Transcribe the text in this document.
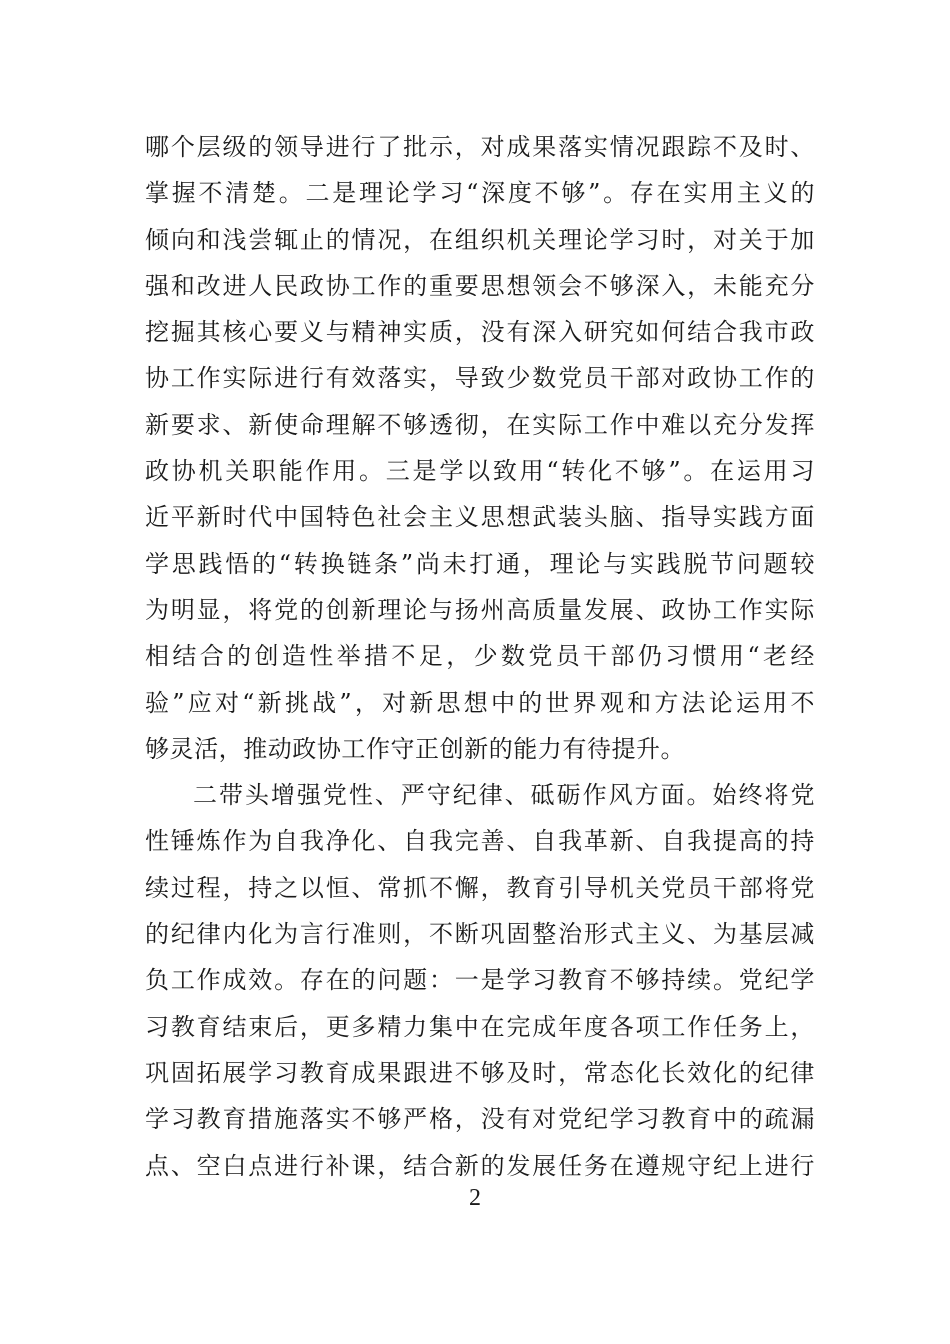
哪个层级的领导进行了批示，对成果落实情况跟踪不及时、
掌握不清楚。二是理论学习“深度不够”。存在实用主义的
倾向和浅尝辄止的情况，在组织机关理论学习时，对关于加
强和改进人民政协工作的重要思想领会不够深入，未能充分
挖掘其核心要义与精神实质，没有深入研究如何结合我市政
协工作实际进行有效落实，导致少数党员干部对政协工作的
新要求、新使命理解不够透彻，在实际工作中难以充分发挥
政协机关职能作用。三是学以致用“转化不够”。在运用习
近平新时代中国特色社会主义思想武装头脑、指导实践方面
学思践悟的“转换链条”尚未打通，理论与实践脱节问题较
为明显，将党的创新理论与扬州高质量发展、政协工作实际
相结合的创造性举措不足，少数党员干部仍习惯用“老经
验”应对“新挑战”，对新思想中的世界观和方法论运用不
够灵活，推动政协工作守正创新的能力有待提升。
二带头增强党性、严守纪律、砥砺作风方面。始终将党
性锤炼作为自我净化、自我完善、自我革新、自我提高的持
续过程，持之以恒、常抓不懈，教育引导机关党员干部将党
的纪律内化为言行准则，不断巩固整治形式主义、为基层减
负工作成效。存在的问题：一是学习教育不够持续。党纪学
习教育结束后，更多精力集中在完成年度各项工作任务上，
巩固拓展学习教育成果跟进不够及时，常态化长效化的纪律
学习教育措施落实不够严格，没有对党纪学习教育中的疏漏
点、空白点进行补课，结合新的发展任务在遵规守纪上进行
2
